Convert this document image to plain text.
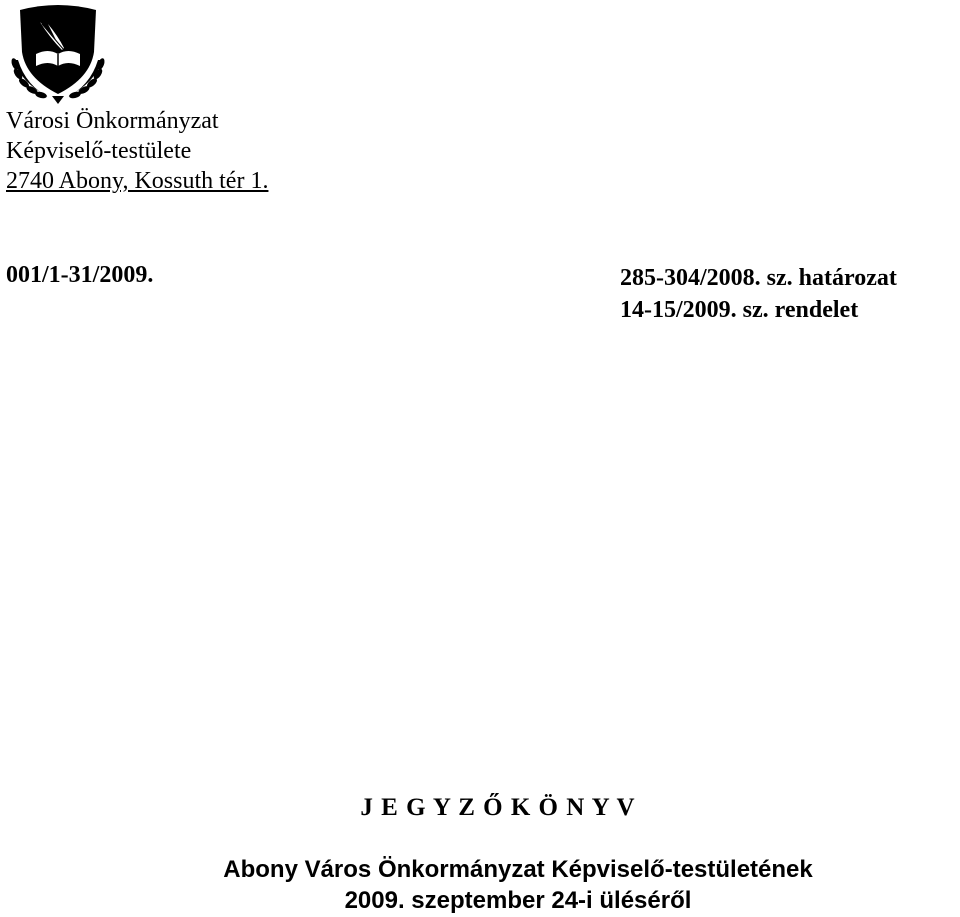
Városi Önkormányzat
Képviselő-testülete
2740 Abony, Kossuth tér 1.
001/1-31/2009.	285-304/2008. sz. határozat
14-15/2009. sz. rendelet
J E G Y Z Ő K Ö N Y V
Abony Város Önkormányzat Képviselő-testületének
2009. szeptember 24-i üléséről
